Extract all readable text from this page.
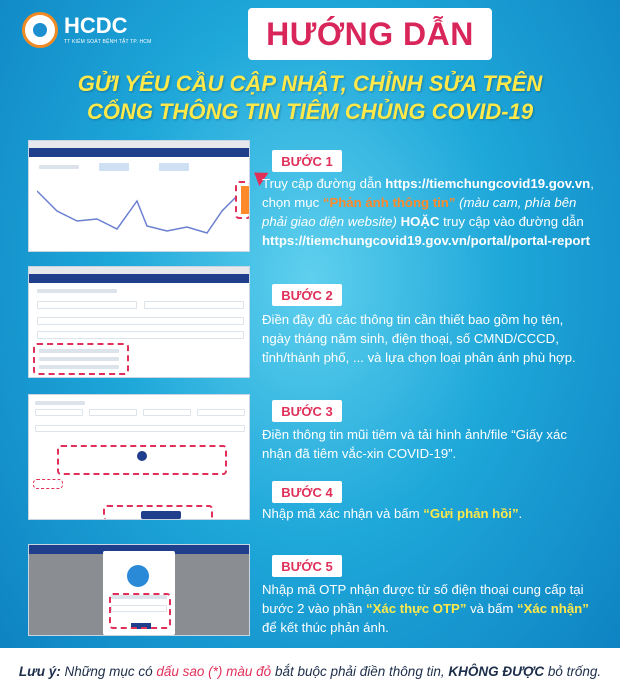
HCDC
TT KIỂM SOÁT BỆNH TẬT TP. HCM	HƯỚNG DẪN
GỬI YÊU CẦU CẬP NHẬT, CHỈNH SỬA TRÊN
CỔNG THÔNG TIN TIÊM CHỦNG COVID-19
BƯỚC 1
BƯỚC 2
BƯỚC 3
BƯỚC 4
BƯỚC 5
Truy cập đường dẫn https://tiemchungcovid19.gov.vn, chọn mục “Phản ánh thông tin” (màu cam, phía bên phải giao diện website) HOẶC truy cập vào đường dẫn https://tiemchungcovid19.gov.vn/portal/portal-report
Điền đầy đủ các thông tin cần thiết bao gồm họ tên, ngày tháng năm sinh, điện thoại, số CMND/CCCD, tỉnh/thành phố, ... và lựa chọn loại phản ánh phù hợp.
Điền thông tin mũi tiêm và tải hình ảnh/file “Giấy xác nhận đã tiêm vắc-xin COVID-19”.
Nhập mã xác nhận và bấm “Gửi phản hồi”.
Nhập mã OTP nhận được từ số điện thoại cung cấp tại bước 2 vào phần “Xác thực OTP” và bấm “Xác nhận” để kết thúc phản ánh.
Lưu ý: Những mục có dấu sao (*) màu đỏ bắt buộc phải điền thông tin, KHÔNG ĐƯỢC bỏ trống.
